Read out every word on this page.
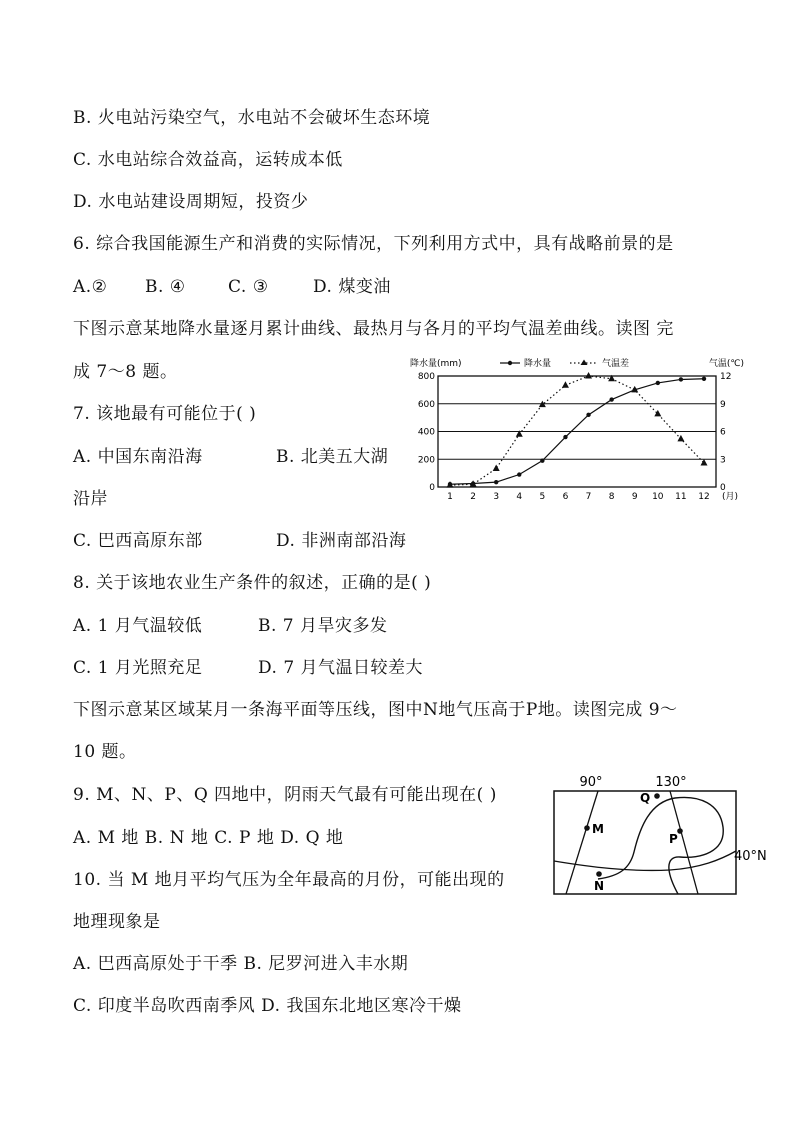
B. 火电站污染空气，水电站不会破坏生态环境
C. 水电站综合效益高，运转成本低
D. 水电站建设周期短，投资少
6. 综合我国能源生产和消费的实际情况，下列利用方式中，具有战略前景的是
A.② B. ④ C. ③	D. 煤变油
下图示意某地降水量逐月累计曲线、最热月与各月的平均气温差曲线。读图 完
成 7～8 题。
7. 该地最有可能位于( )
A. 中国东南沿海	B. 北美五大湖
沿岸
C. 巴西高原东部	D. 非洲南部沿海
8. 关于该地农业生产条件的叙述，正确的是( )
A. 1 月气温较低	B. 7 月旱灾多发
C. 1 月光照充足	D. 7 月气温日较差大
下图示意某区域某月一条海平面等压线，图中N地气压高于P地。读图完成 9～
10 题。
9. M、N、P、Q 四地中，阴雨天气最有可能出现在( )
A. M 地 B. N 地 C. P 地 D. Q 地
10. 当 M 地月平均气压为全年最高的月份，可能出现的
地理现象是
A. 巴西高原处于干季 B. 尼罗河进入丰水期
C. 印度半岛吹西南季风 D. 我国东北地区寒冷干燥
0
200
400
600
800
0
3
6
9
12
1 2 3 4 5 6 7 8 9 10 11 12 (月)
降水量(mm)	气温(℃)
降水量	气温差
90°	130°
40°N
M
N
P
Q
